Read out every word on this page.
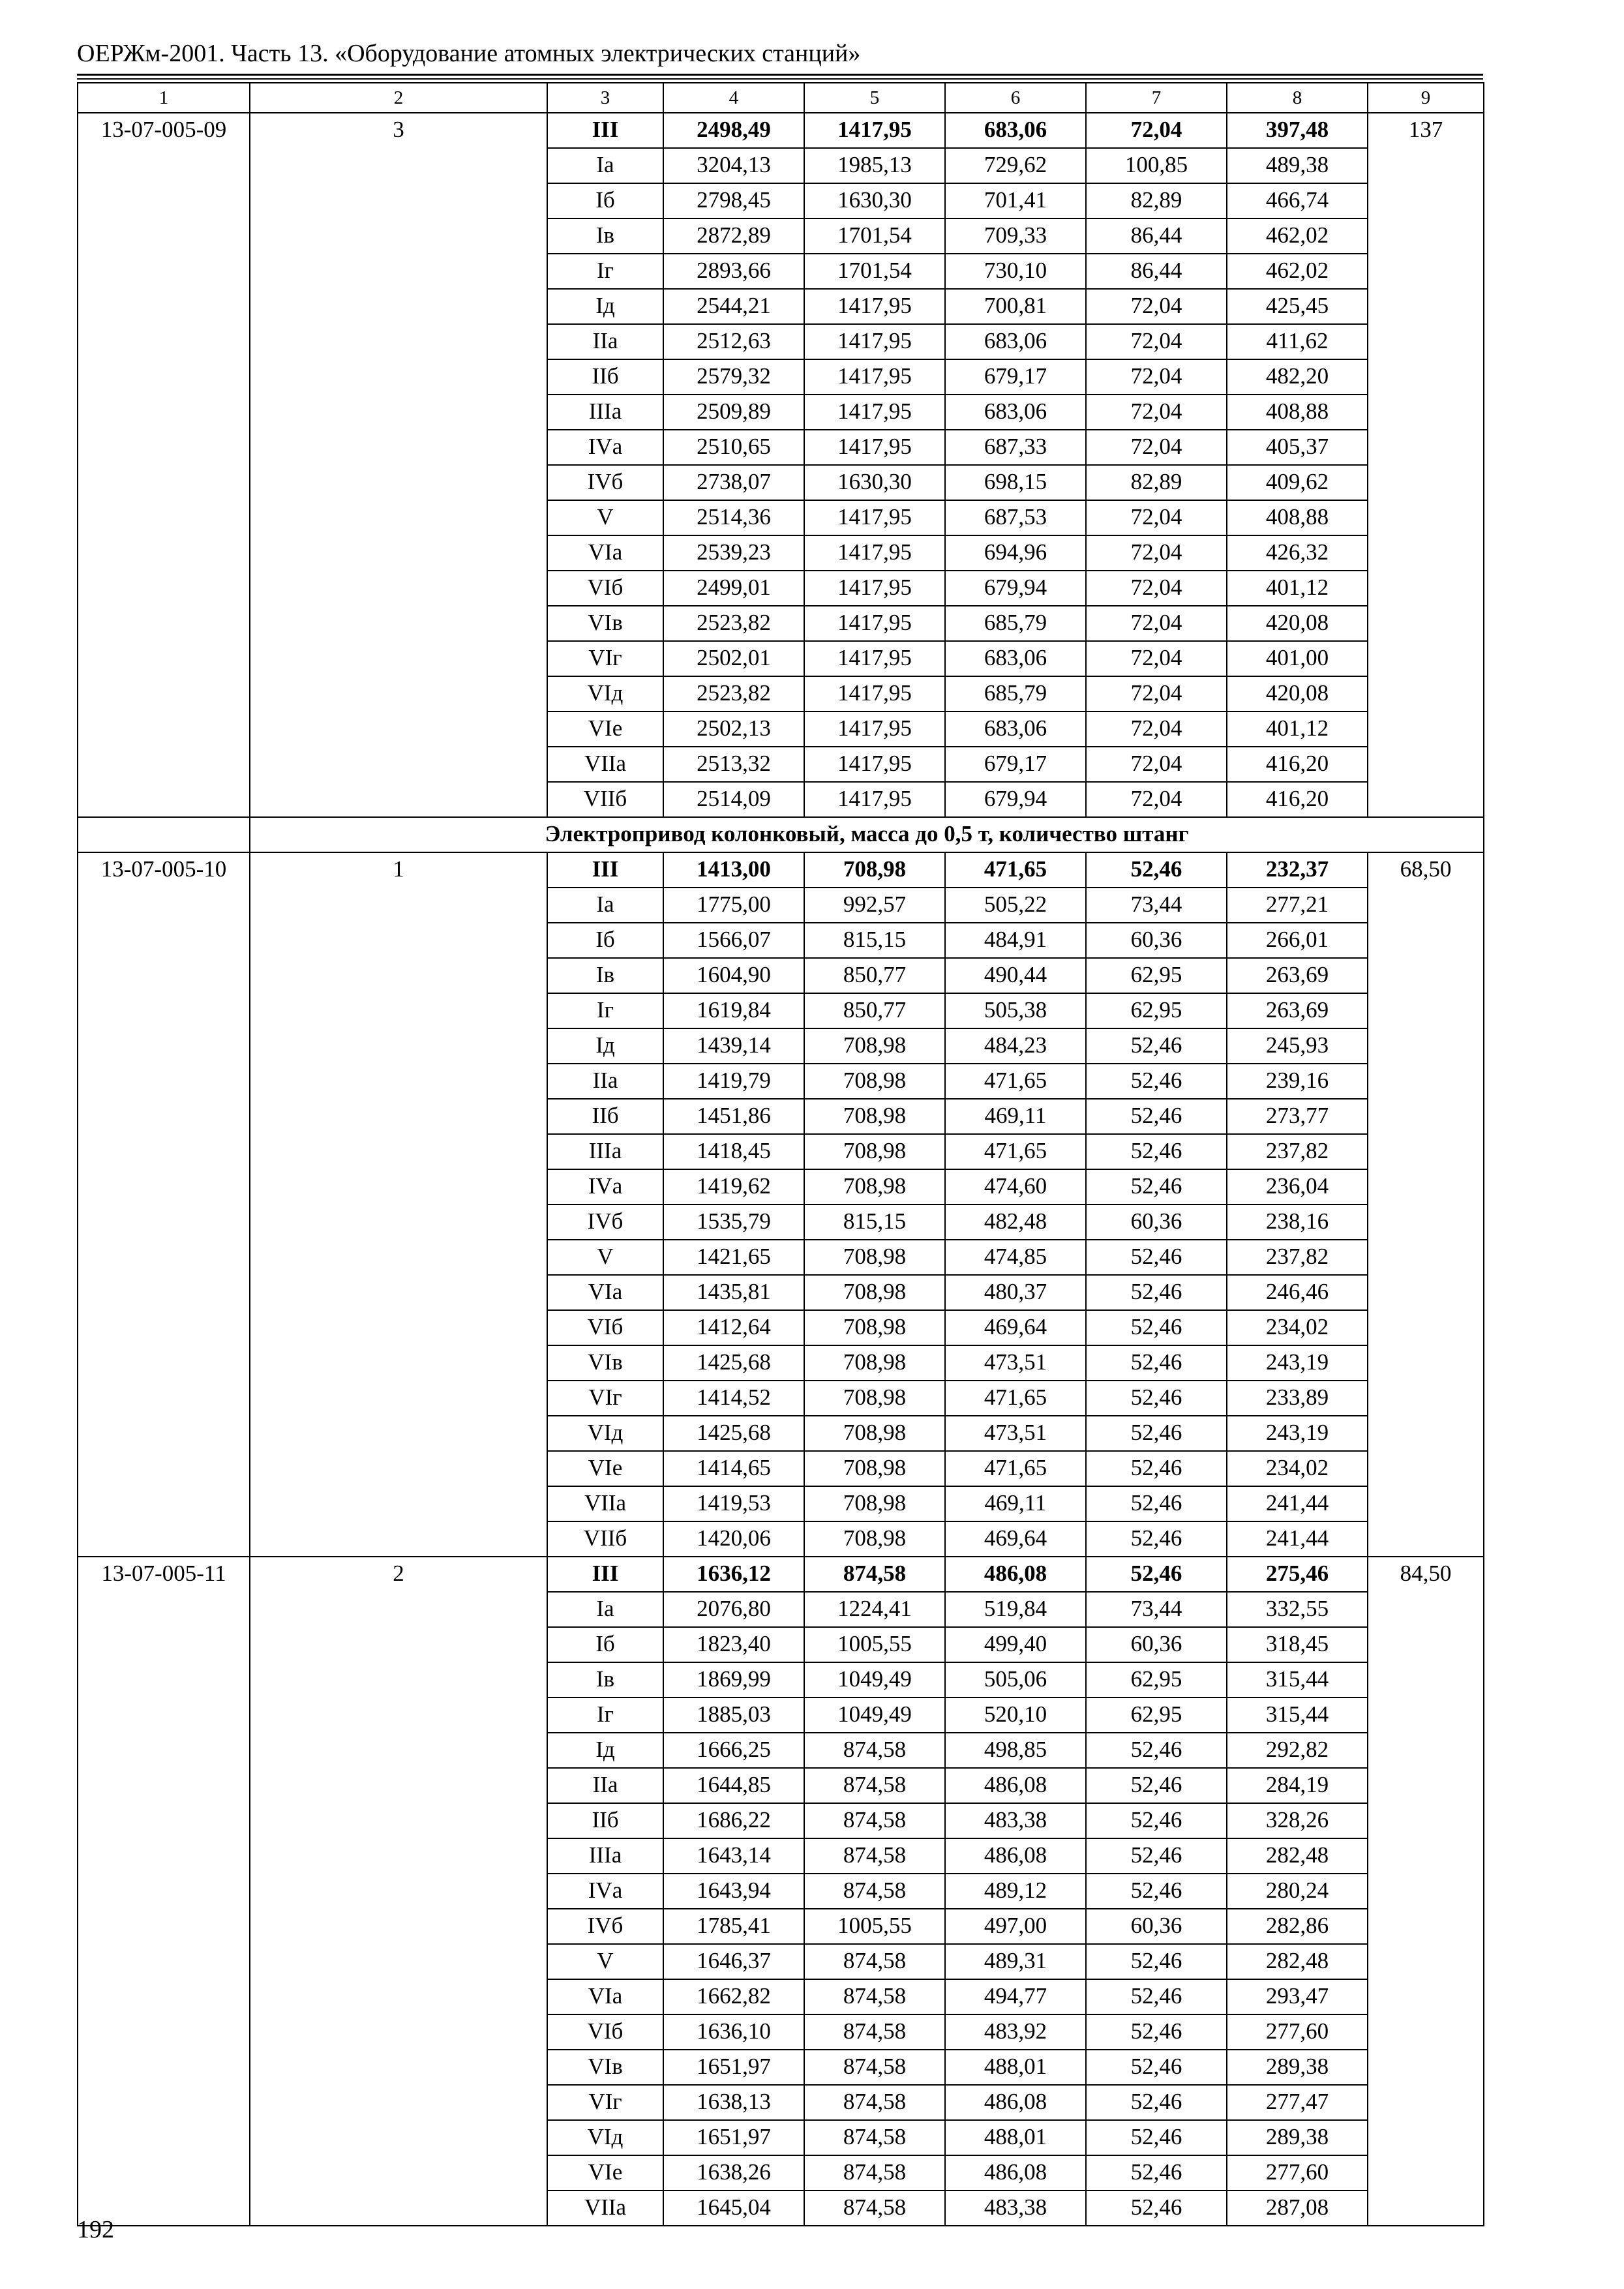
ОЕРЖм-2001. Часть 13. «Оборудование атомных электрических станций»
1	2	3	4	5	6	7	8	9
13-07-005-09	3	III	2498,49	1417,95	683,06	72,04	397,48	137
		Iа	3204,13	1985,13	729,62	100,85	489,38	
		Iб	2798,45	1630,30	701,41	82,89	466,74	
		Iв	2872,89	1701,54	709,33	86,44	462,02	
		Iг	2893,66	1701,54	730,10	86,44	462,02	
		Iд	2544,21	1417,95	700,81	72,04	425,45	
		IIа	2512,63	1417,95	683,06	72,04	411,62	
		IIб	2579,32	1417,95	679,17	72,04	482,20	
		IIIа	2509,89	1417,95	683,06	72,04	408,88	
		IVа	2510,65	1417,95	687,33	72,04	405,37	
		IVб	2738,07	1630,30	698,15	82,89	409,62	
		V	2514,36	1417,95	687,53	72,04	408,88	
		VIа	2539,23	1417,95	694,96	72,04	426,32	
		VIб	2499,01	1417,95	679,94	72,04	401,12	
		VIв	2523,82	1417,95	685,79	72,04	420,08	
		VIг	2502,01	1417,95	683,06	72,04	401,00	
		VIд	2523,82	1417,95	685,79	72,04	420,08	
		VIе	2502,13	1417,95	683,06	72,04	401,12	
		VIIа	2513,32	1417,95	679,17	72,04	416,20	
		VIIб	2514,09	1417,95	679,94	72,04	416,20	
	Электропривод колонковый, масса до 0,5 т, количество штанг							
13-07-005-10	1	III	1413,00	708,98	471,65	52,46	232,37	68,50
		Iа	1775,00	992,57	505,22	73,44	277,21	
		Iб	1566,07	815,15	484,91	60,36	266,01	
		Iв	1604,90	850,77	490,44	62,95	263,69	
		Iг	1619,84	850,77	505,38	62,95	263,69	
		Iд	1439,14	708,98	484,23	52,46	245,93	
		IIа	1419,79	708,98	471,65	52,46	239,16	
		IIб	1451,86	708,98	469,11	52,46	273,77	
		IIIа	1418,45	708,98	471,65	52,46	237,82	
		IVа	1419,62	708,98	474,60	52,46	236,04	
		IVб	1535,79	815,15	482,48	60,36	238,16	
		V	1421,65	708,98	474,85	52,46	237,82	
		VIа	1435,81	708,98	480,37	52,46	246,46	
		VIб	1412,64	708,98	469,64	52,46	234,02	
		VIв	1425,68	708,98	473,51	52,46	243,19	
		VIг	1414,52	708,98	471,65	52,46	233,89	
		VIд	1425,68	708,98	473,51	52,46	243,19	
		VIе	1414,65	708,98	471,65	52,46	234,02	
		VIIа	1419,53	708,98	469,11	52,46	241,44	
		VIIб	1420,06	708,98	469,64	52,46	241,44	
13-07-005-11	2	III	1636,12	874,58	486,08	52,46	275,46	84,50
		Iа	2076,80	1224,41	519,84	73,44	332,55	
		Iб	1823,40	1005,55	499,40	60,36	318,45	
		Iв	1869,99	1049,49	505,06	62,95	315,44	
		Iг	1885,03	1049,49	520,10	62,95	315,44	
		Iд	1666,25	874,58	498,85	52,46	292,82	
		IIа	1644,85	874,58	486,08	52,46	284,19	
		IIб	1686,22	874,58	483,38	52,46	328,26	
		IIIа	1643,14	874,58	486,08	52,46	282,48	
		IVа	1643,94	874,58	489,12	52,46	280,24	
		IVб	1785,41	1005,55	497,00	60,36	282,86	
		V	1646,37	874,58	489,31	52,46	282,48	
		VIа	1662,82	874,58	494,77	52,46	293,47	
		VIб	1636,10	874,58	483,92	52,46	277,60	
		VIв	1651,97	874,58	488,01	52,46	289,38	
		VIг	1638,13	874,58	486,08	52,46	277,47	
		VIд	1651,97	874,58	488,01	52,46	289,38	
		VIе	1638,26	874,58	486,08	52,46	277,60	
		VIIа	1645,04	874,58	483,38	52,46	287,08	
192
